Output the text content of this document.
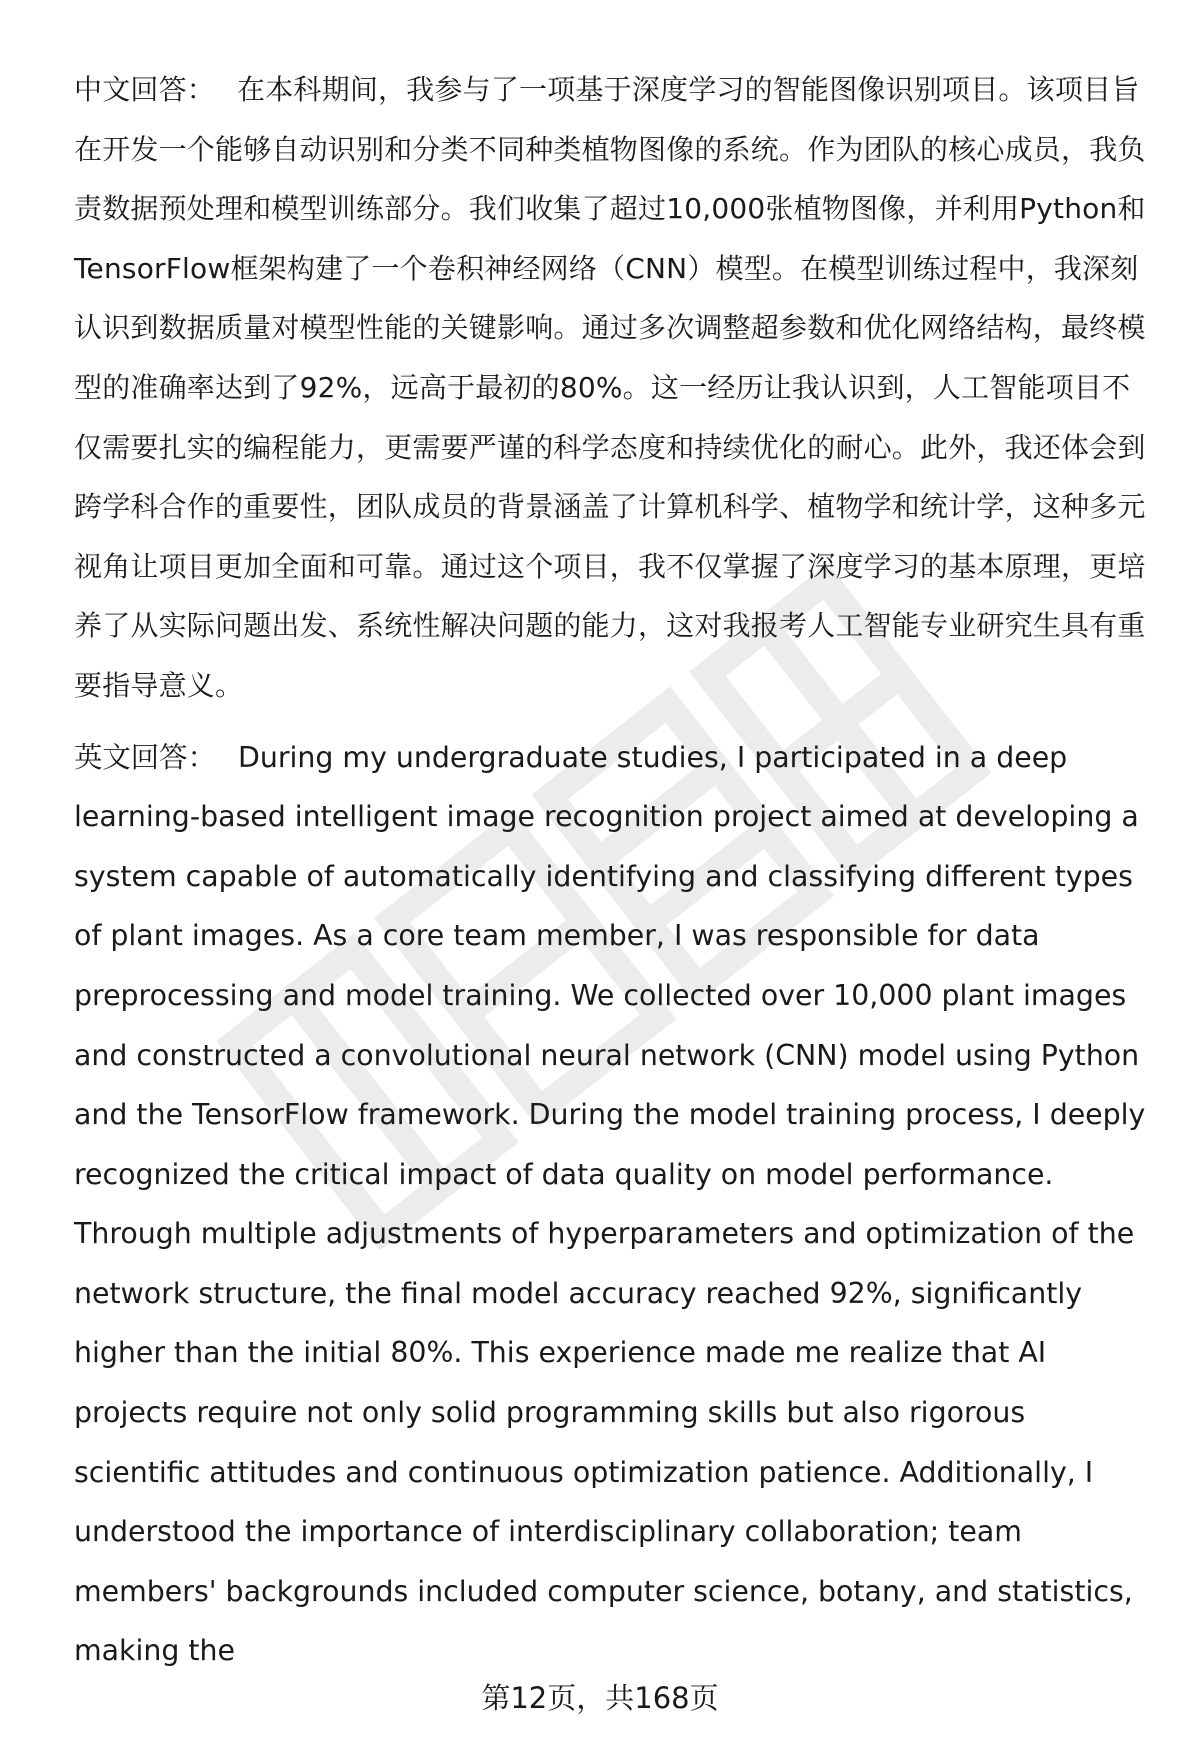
中文回答： 在本科期间，我参与了一项基于深度学习的智能图像识别项目。该项目旨在开发一个能够自动识别和分类不同种类植物图像的系统。作为团队的核心成员，我负责数据预处理和模型训练部分。我们收集了超过10,000张植物图像，并利用Python和TensorFlow框架构建了一个卷积神经网络（CNN）模型。在模型训练过程中，我深刻认识到数据质量对模型性能的关键影响。通过多次调整超参数和优化网络结构，最终模型的准确率达到了92%，远高于最初的80%。这一经历让我认识到，人工智能项目不仅需要扎实的编程能力，更需要严谨的科学态度和持续优化的耐心。此外，我还体会到跨学科合作的重要性，团队成员的背景涵盖了计算机科学、植物学和统计学，这种多元视角让项目更加全面和可靠。通过这个项目，我不仅掌握了深度学习的基本原理，更培养了从实际问题出发、系统性解决问题的能力，这对我报考人工智能专业研究生具有重要指导意义。

英文回答： During my undergraduate studies, I participated in a deep learning-based intelligent image recognition project aimed at developing a system capable of automatically identifying and classifying different types of plant images. As a core team member, I was responsible for data preprocessing and model training. We collected over 10,000 plant images and constructed a convolutional neural network (CNN) model using Python and the TensorFlow framework. During the model training process, I deeply recognized the critical impact of data quality on model performance. Through multiple adjustments of hyperparameters and optimization of the network structure, the final model accuracy reached 92%, significantly higher than the initial 80%. This experience made me realize that AI projects require not only solid programming skills but also rigorous scientific attitudes and continuous optimization patience. Additionally, I understood the importance of interdisciplinary collaboration; team members' backgrounds included computer science, botany, and statistics, making the

第12页，共168页
